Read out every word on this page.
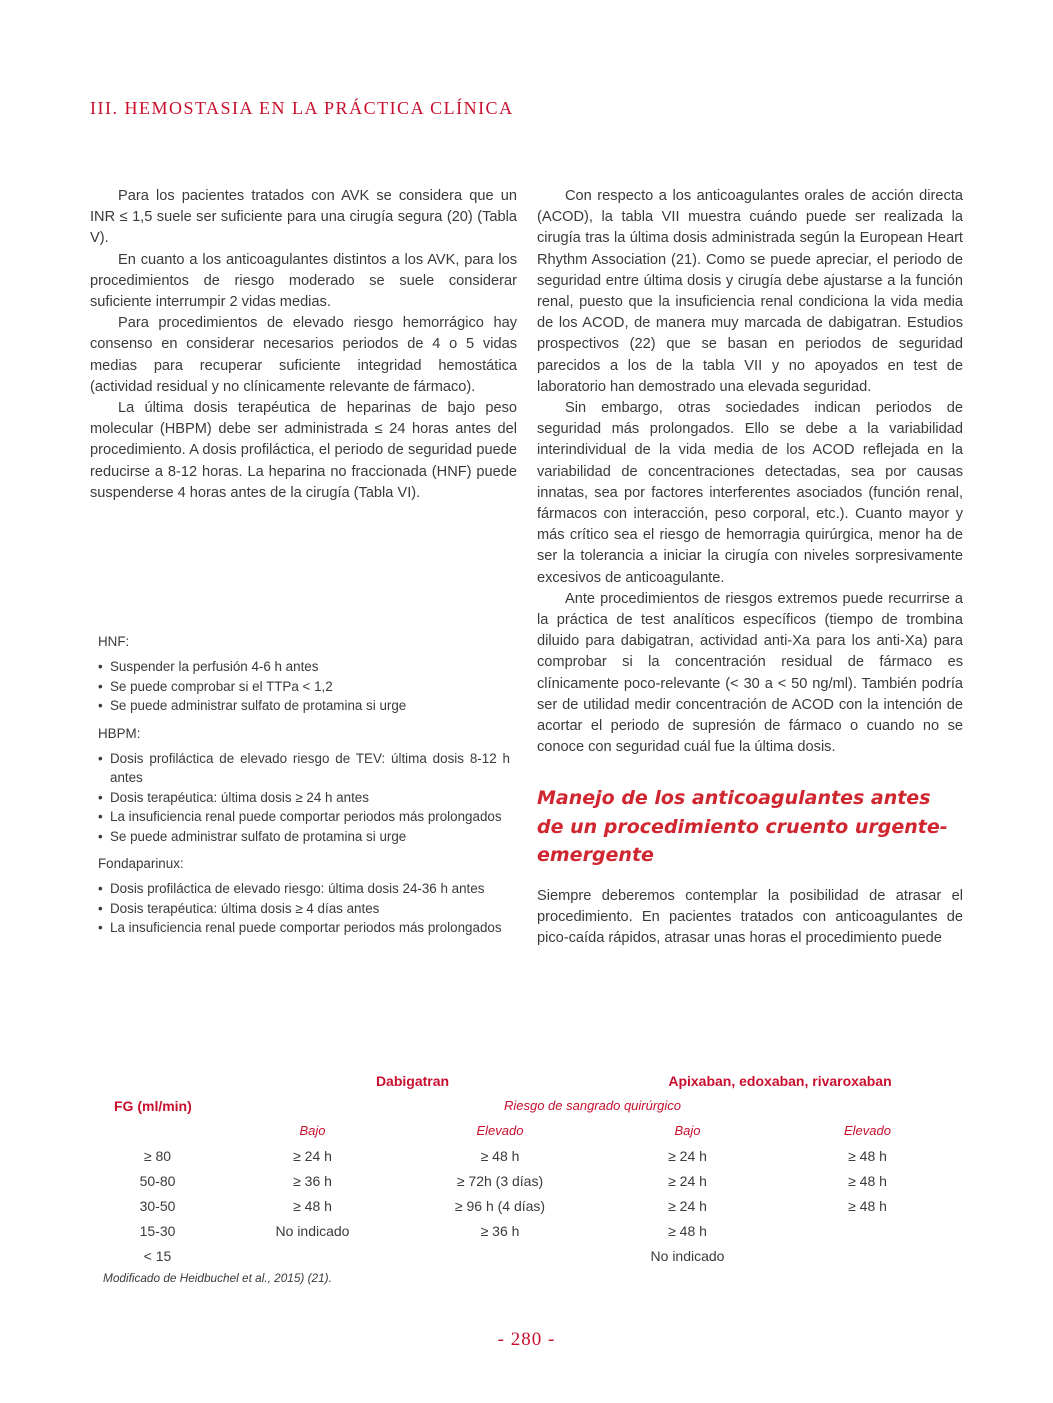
III. HEMOSTASIA EN LA PRÁCTICA CLÍNICA

Para los pacientes tratados con AVK se considera que un INR ≤ 1,5 suele ser suficiente para una cirugía segura (20) (Tabla V).

En cuanto a los anticoagulantes distintos a los AVK, para los procedimientos de riesgo moderado se suele considerar suficiente interrumpir 2 vidas medias.

Para procedimientos de elevado riesgo hemorrágico hay consenso en considerar necesarios periodos de 4 o 5 vidas medias para recuperar suficiente integridad hemostática (actividad residual y no clínicamente relevante de fármaco).

La última dosis terapéutica de heparinas de bajo peso molecular (HBPM) debe ser administrada ≤ 24 horas antes del procedimiento. A dosis profiláctica, el periodo de seguridad puede reducirse a 8-12 horas. La heparina no fraccionada (HNF) puede suspenderse 4 horas antes de la cirugía (Tabla VI).

Con respecto a los anticoagulantes orales de acción directa (ACOD), la tabla VII muestra cuándo puede ser realizada la cirugía tras la última dosis administrada según la European Heart Rhythm Association (21). Como se puede apreciar, el periodo de seguridad entre última dosis y cirugía debe ajustarse a la función renal, puesto que la insuficiencia renal condiciona la vida media de los ACOD, de manera muy marcada de dabigatran. Estudios prospectivos (22) que se basan en periodos de seguridad parecidos a los de la tabla VII y no apoyados en test de laboratorio han demostrado una elevada seguridad.

Sin embargo, otras sociedades indican periodos de seguridad más prolongados. Ello se debe a la variabilidad interindividual de la vida media de los ACOD reflejada en la variabilidad de concentraciones detectadas, sea por causas innatas, sea por factores interferentes asociados (función renal, fármacos con interacción, peso corporal, etc.). Cuanto mayor y más crítico sea el riesgo de hemorragia quirúrgica, menor ha de ser la tolerancia a iniciar la cirugía con niveles sorpresivamente excesivos de anticoagulante.

Ante procedimientos de riesgos extremos puede recurrirse a la práctica de test analíticos específicos (tiempo de trombina diluido para dabigatran, actividad anti-Xa para los anti-Xa) para comprobar si la concentración residual de fármaco es clínicamente poco-relevante (< 30 a < 50 ng/ml). También podría ser de utilidad medir concentración de ACOD con la intención de acortar el periodo de supresión de fármaco o cuando no se conoce con seguridad cuál fue la última dosis.

HNF:
• Suspender la perfusión 4-6 h antes
• Se puede comprobar si el TTPa < 1,2
• Se puede administrar sulfato de protamina si urge
HBPM:
• Dosis profiláctica de elevado riesgo de TEV: última dosis 8-12 h antes
• Dosis terapéutica: última dosis ≥ 24 h antes
• La insuficiencia renal puede comportar periodos más prolongados
• Se puede administrar sulfato de protamina si urge
Fondaparinux:
• Dosis profiláctica de elevado riesgo: última dosis 24-36 h antes
• Dosis terapéutica: última dosis ≥ 4 días antes
• La insuficiencia renal puede comportar periodos más prolongados
Manejo de los anticoagulantes antes de un procedimiento cruento urgente-emergente

Siempre deberemos contemplar la posibilidad de atrasar el procedimiento. En pacientes tratados con anticoagulantes de pico-caída rápidos, atrasar unas horas el procedimiento puede

	Dabigatran		Apixaban, edoxaban, rivaroxaban	
FG (ml/min)	Riesgo de sangrado quirúrgico			
	Bajo	Elevado	Bajo	Elevado
≥ 80	≥ 24 h	≥ 48 h	≥ 24 h	≥ 48 h
50-80	≥ 36 h	≥ 72h (3 días)	≥ 24 h	≥ 48 h
30-50	≥ 48 h	≥ 96 h (4 días)	≥ 24 h	≥ 48 h
15-30	No indicado	≥ 36 h	≥ 48 h	
< 15			No indicado	
Modificado de Heidbuchel et al., 2015) (21).
- 280 -
